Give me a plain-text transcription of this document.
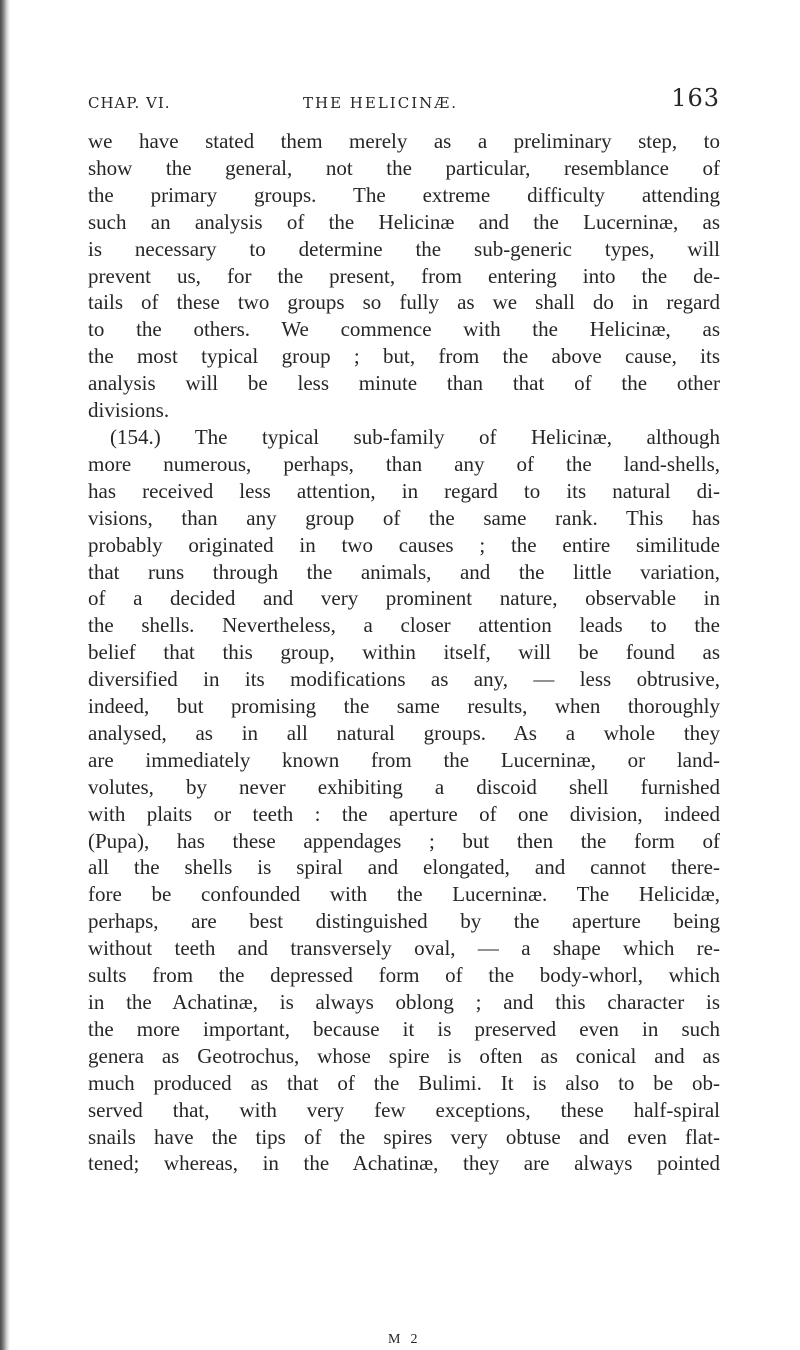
CHAP. VI.	THE HELICINÆ.	163
we have stated them merely as a preliminary step, to
show the general, not the particular, resemblance of
the primary groups. The extreme difficulty attending
such an analysis of the Helicinæ and the Lucerninæ, as
is necessary to determine the sub-generic types, will
prevent us, for the present, from entering into the de-
tails of these two groups so fully as we shall do in regard
to the others. We commence with the Helicinæ, as
the most typical group ; but, from the above cause, its
analysis will be less minute than that of the other
divisions.
(154.) The typical sub-family of Helicinæ, although
more numerous, perhaps, than any of the land-shells,
has received less attention, in regard to its natural di-
visions, than any group of the same rank. This has
probably originated in two causes ; the entire similitude
that runs through the animals, and the little variation,
of a decided and very prominent nature, observable in
the shells. Nevertheless, a closer attention leads to the
belief that this group, within itself, will be found as
diversified in its modifications as any, — less obtrusive,
indeed, but promising the same results, when thoroughly
analysed, as in all natural groups. As a whole they
are immediately known from the Lucerninæ, or land-
volutes, by never exhibiting a discoid shell furnished
with plaits or teeth : the aperture of one division, indeed
(Pupa), has these appendages ; but then the form of
all the shells is spiral and elongated, and cannot there-
fore be confounded with the Lucerninæ. The Helicidæ,
perhaps, are best distinguished by the aperture being
without teeth and transversely oval, — a shape which re-
sults from the depressed form of the body-whorl, which
in the Achatinæ, is always oblong ; and this character is
the more important, because it is preserved even in such
genera as Geotrochus, whose spire is often as conical and as
much produced as that of the Bulimi. It is also to be ob-
served that, with very few exceptions, these half-spiral
snails have the tips of the spires very obtuse and even flat-
tened; whereas, in the Achatinæ, they are always pointed
M 2
